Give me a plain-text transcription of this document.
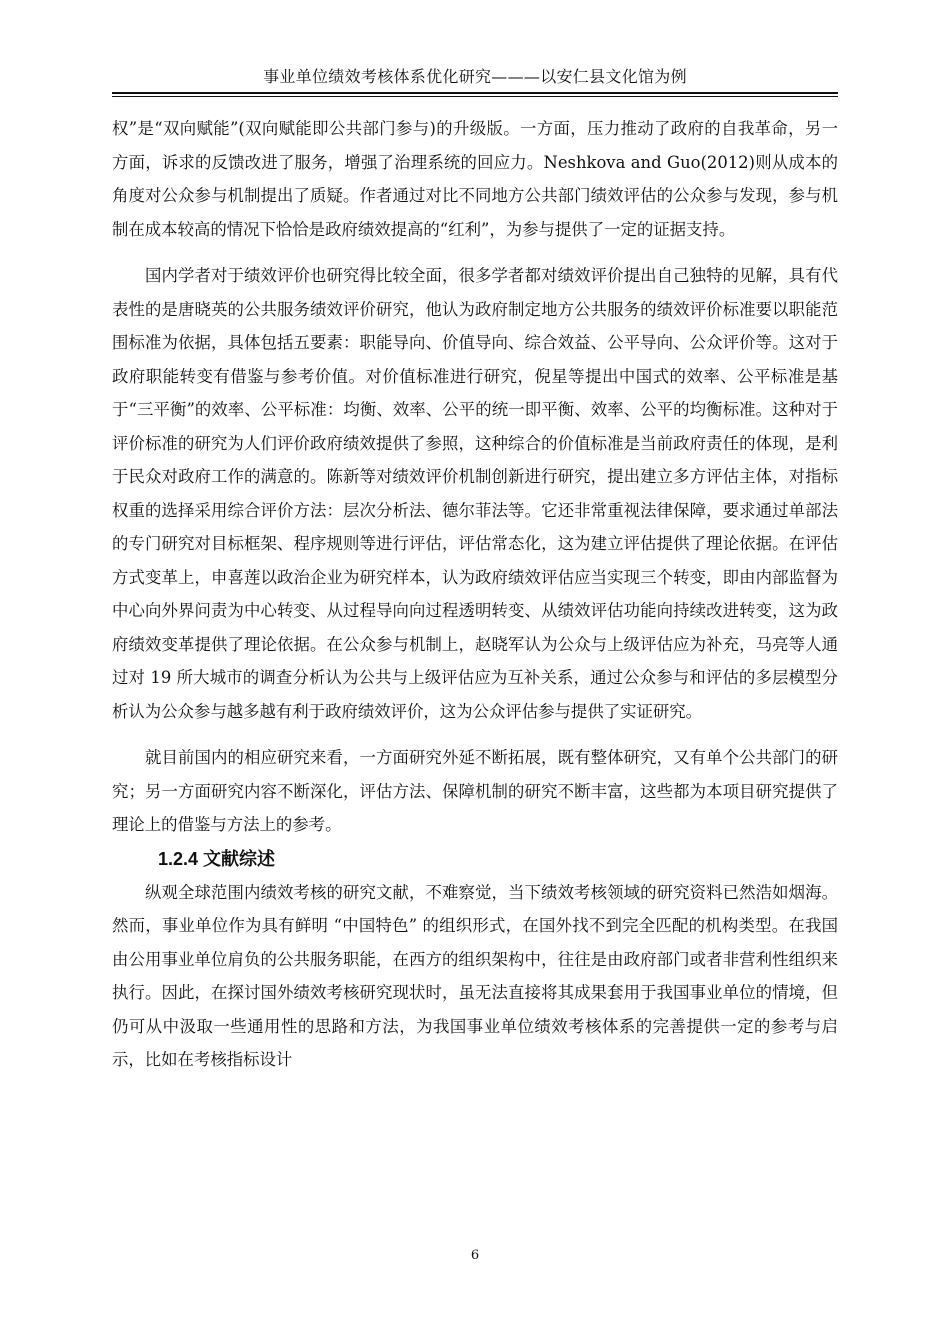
事业单位绩效考核体系优化研究———以安仁县文化馆为例

权”是“双向赋能”(双向赋能即公共部门参与)的升级版。一方面，压力推动了政府的自我革命，另一方面，诉求的反馈改进了服务，增强了治理系统的回应力。Neshkova and Guo(2012)则从成本的角度对公众参与机制提出了质疑。作者通过对比不同地方公共部门绩效评估的公众参与发现，参与机制在成本较高的情况下恰恰是政府绩效提高的“红利”，为参与提供了一定的证据支持。

国内学者对于绩效评价也研究得比较全面，很多学者都对绩效评价提出自己独特的见解，具有代表性的是唐晓英的公共服务绩效评价研究，他认为政府制定地方公共服务的绩效评价标准要以职能范围标准为依据，具体包括五要素：职能导向、价值导向、综合效益、公平导向、公众评价等。这对于政府职能转变有借鉴与参考价值。对价值标准进行研究，倪星等提出中国式的效率、公平标准是基于“三平衡”的效率、公平标准：均衡、效率、公平的统一即平衡、效率、公平的均衡标准。这种对于评价标准的研究为人们评价政府绩效提供了参照，这种综合的价值标准是当前政府责任的体现，是利于民众对政府工作的满意的。陈新等对绩效评价机制创新进行研究，提出建立多方评估主体，对指标权重的选择采用综合评价方法：层次分析法、德尔菲法等。它还非常重视法律保障，要求通过单部法的专门研究对目标框架、程序规则等进行评估，评估常态化，这为建立评估提供了理论依据。在评估方式变革上，申喜莲以政治企业为研究样本，认为政府绩效评估应当实现三个转变，即由内部监督为中心向外界问责为中心转变、从过程导向向过程透明转变、从绩效评估功能向持续改进转变，这为政府绩效变革提供了理论依据。在公众参与机制上，赵晓军认为公众与上级评估应为补充，马亮等人通过对 19 所大城市的调查分析认为公共与上级评估应为互补关系，通过公众参与和评估的多层模型分析认为公众参与越多越有利于政府绩效评价，这为公众评估参与提供了实证研究。

就目前国内的相应研究来看，一方面研究外延不断拓展，既有整体研究，又有单个公共部门的研究；另一方面研究内容不断深化，评估方法、保障机制的研究不断丰富，这些都为本项目研究提供了理论上的借鉴与方法上的参考。

1.2.4 文献综述

纵观全球范围内绩效考核的研究文献，不难察觉，当下绩效考核领域的研究资料已然浩如烟海。然而，事业单位作为具有鲜明 “中国特色” 的组织形式，在国外找不到完全匹配的机构类型。在我国由公用事业单位肩负的公共服务职能，在西方的组织架构中，往往是由政府部门或者非营利性组织来执行。因此，在探讨国外绩效考核研究现状时，虽无法直接将其成果套用于我国事业单位的情境，但仍可从中汲取一些通用性的思路和方法，为我国事业单位绩效考核体系的完善提供一定的参考与启示，比如在考核指标设计

6
